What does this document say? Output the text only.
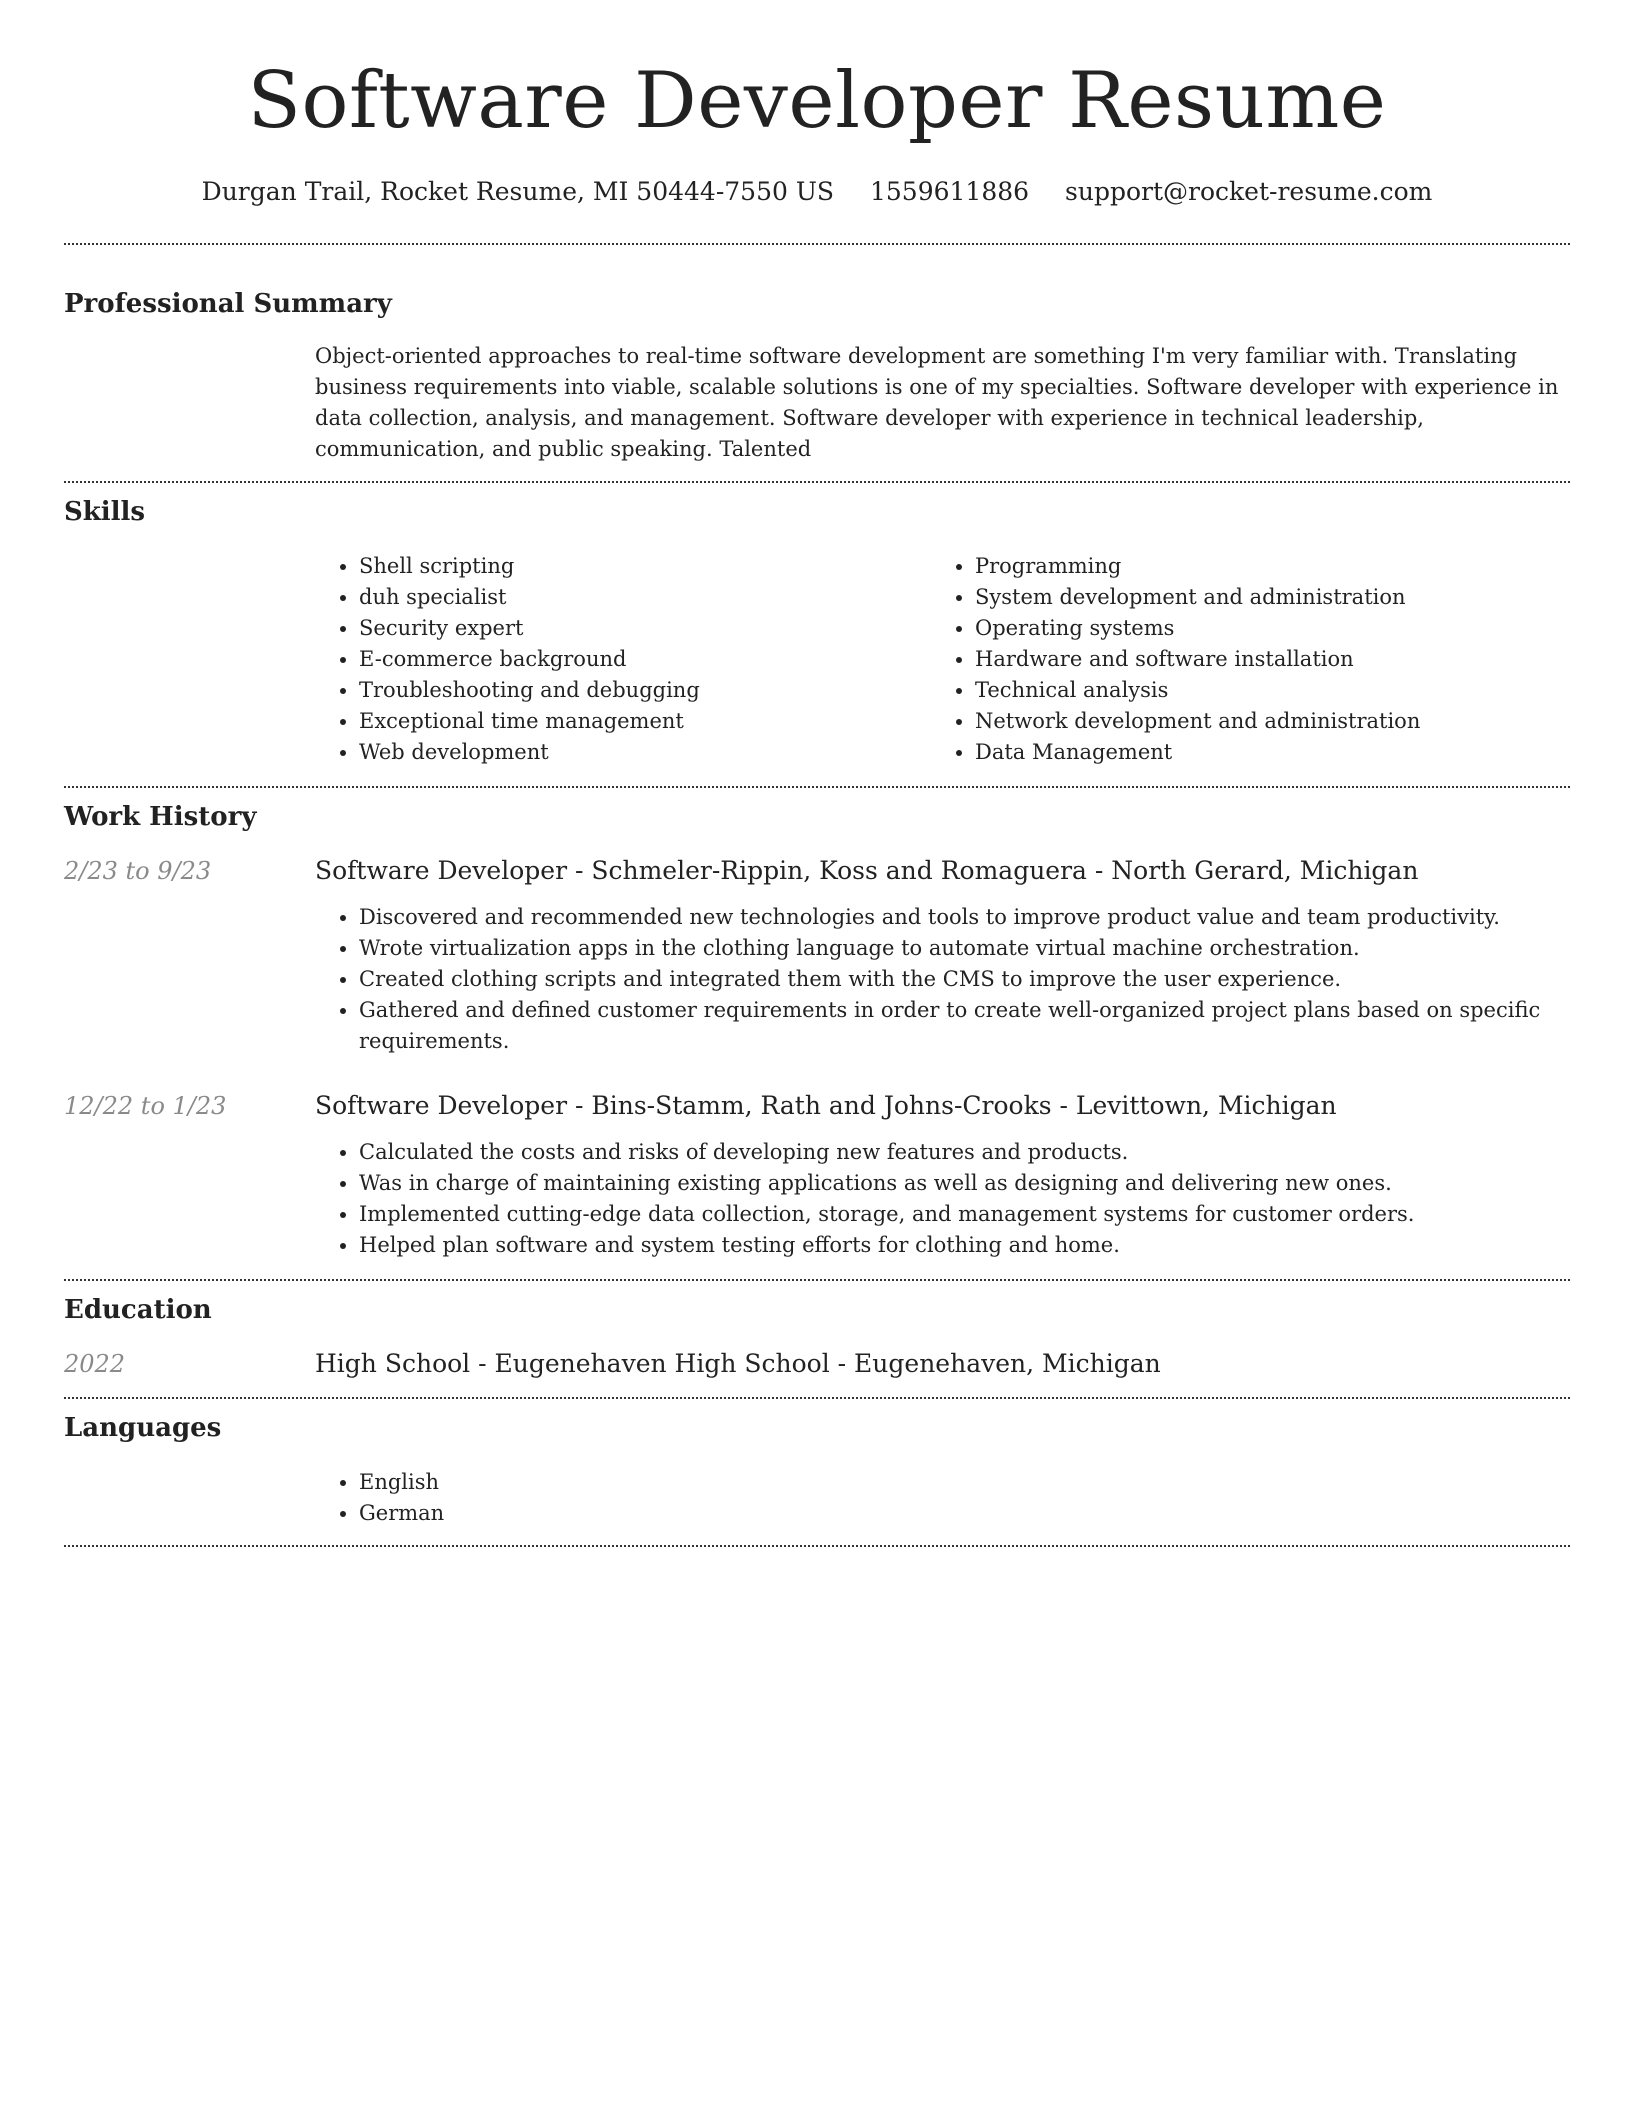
Software Developer Resume
Durgan Trail, Rocket Resume, MI 50444-7550 US 1559611886 support@rocket-resume.com
Professional Summary

Object-oriented approaches to real-time software development are something I'm very familiar with. Translating business requirements into viable, scalable solutions is one of my specialties. Software developer with experience in data collection, analysis, and management. Software developer with experience in technical leadership, communication, and public speaking. Talented

Skills
• Shell scripting
• duh specialist
• Security expert
• E-commerce background
• Troubleshooting and debugging
• Exceptional time management
• Web development
• Programming
• System development and administration
• Operating systems
• Hardware and software installation
• Technical analysis
• Network development and administration
• Data Management
Work History
2/23 to 9/23	Software Developer - Schmeler-Rippin, Koss and Romaguera - North Gerard, Michigan
• Discovered and recommended new technologies and tools to improve product value and team productivity.
• Wrote virtualization apps in the clothing language to automate virtual machine orchestration.
• Created clothing scripts and integrated them with the CMS to improve the user experience.
• Gathered and defined customer requirements in order to create well-organized project plans based on specific requirements.
12/22 to 1/23	Software Developer - Bins-Stamm, Rath and Johns-Crooks - Levittown, Michigan
• Calculated the costs and risks of developing new features and products.
• Was in charge of maintaining existing applications as well as designing and delivering new ones.
• Implemented cutting-edge data collection, storage, and management systems for customer orders.
• Helped plan software and system testing efforts for clothing and home.
Education
2022	High School - Eugenehaven High School - Eugenehaven, Michigan
Languages
• English
• German
